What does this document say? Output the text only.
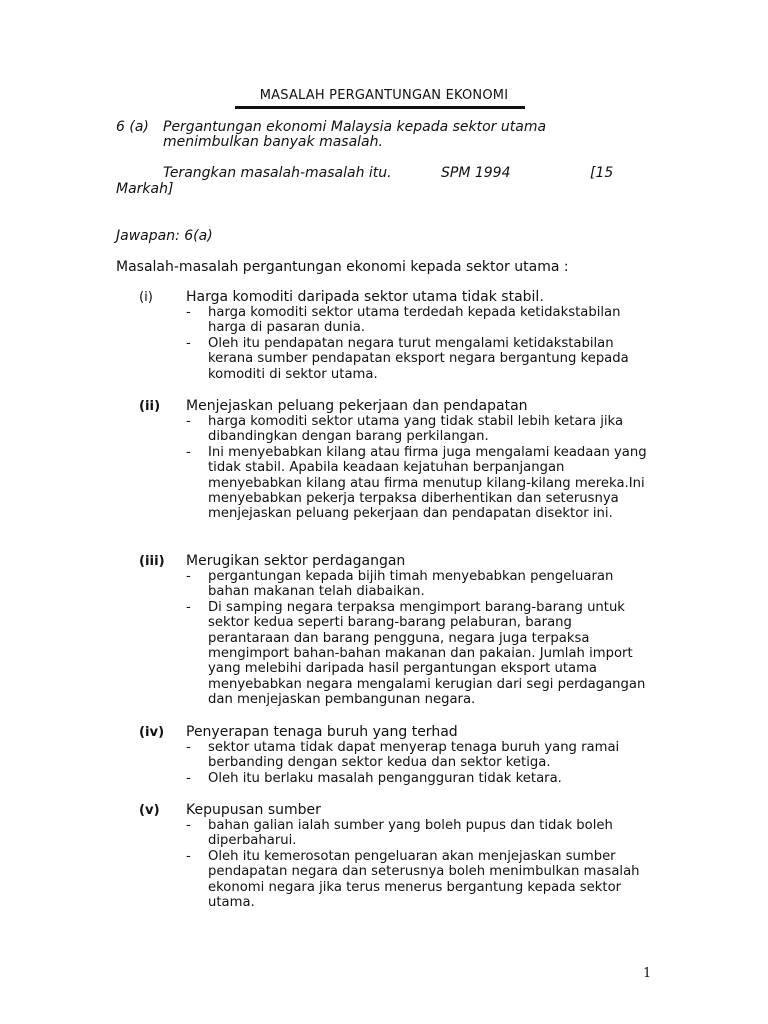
MASALAH PERGANTUNGAN EKONOMI
6 (a) Pergantungan ekonomi Malaysia kepada sektor utama
menimbulkan banyak masalah.
Terangkan masalah-masalah itu.	SPM 1994	[15
Markah]
Jawapan: 6(a)
Masalah-masalah pergantungan ekonomi kepada sektor utama :
(i) Harga komoditi daripada sektor utama tidak stabil.
- harga komoditi sektor utama terdedah kepada ketidakstabilan harga di pasaran dunia.
- Oleh itu pendapatan negara turut mengalami ketidakstabilan kerana sumber pendapatan eksport negara bergantung kepada komoditi di sektor utama.
(ii) Menjejaskan peluang pekerjaan dan pendapatan
- harga komoditi sektor utama yang tidak stabil lebih ketara jika dibandingkan dengan barang perkilangan.
- Ini menyebabkan kilang atau firma juga mengalami keadaan yang tidak stabil. Apabila keadaan kejatuhan berpanjangan menyebabkan kilang atau firma menutup kilang-kilang mereka.Ini menyebabkan pekerja terpaksa diberhentikan dan seterusnya menjejaskan peluang pekerjaan dan pendapatan disektor ini.
(iii) Merugikan sektor perdagangan
- pergantungan kepada bijih timah menyebabkan pengeluaran bahan makanan telah diabaikan.
- Di samping negara terpaksa mengimport barang-barang untuk sektor kedua seperti barang-barang pelaburan, barang perantaraan dan barang pengguna, negara juga terpaksa mengimport bahan-bahan makanan dan pakaian. Jumlah import yang melebihi daripada hasil pergantungan eksport utama menyebabkan negara mengalami kerugian dari segi perdagangan dan menjejaskan pembangunan negara.
(iv) Penyerapan tenaga buruh yang terhad
- sektor utama tidak dapat menyerap tenaga buruh yang ramai berbanding dengan sektor kedua dan sektor ketiga.
- Oleh itu berlaku masalah pengangguran tidak ketara.
(v) Kepupusan sumber
- bahan galian ialah sumber yang boleh pupus dan tidak boleh diperbaharui.
- Oleh itu kemerosotan pengeluaran akan menjejaskan sumber pendapatan negara dan seterusnya boleh menimbulkan masalah ekonomi negara jika terus menerus bergantung kepada sektor utama.
1
